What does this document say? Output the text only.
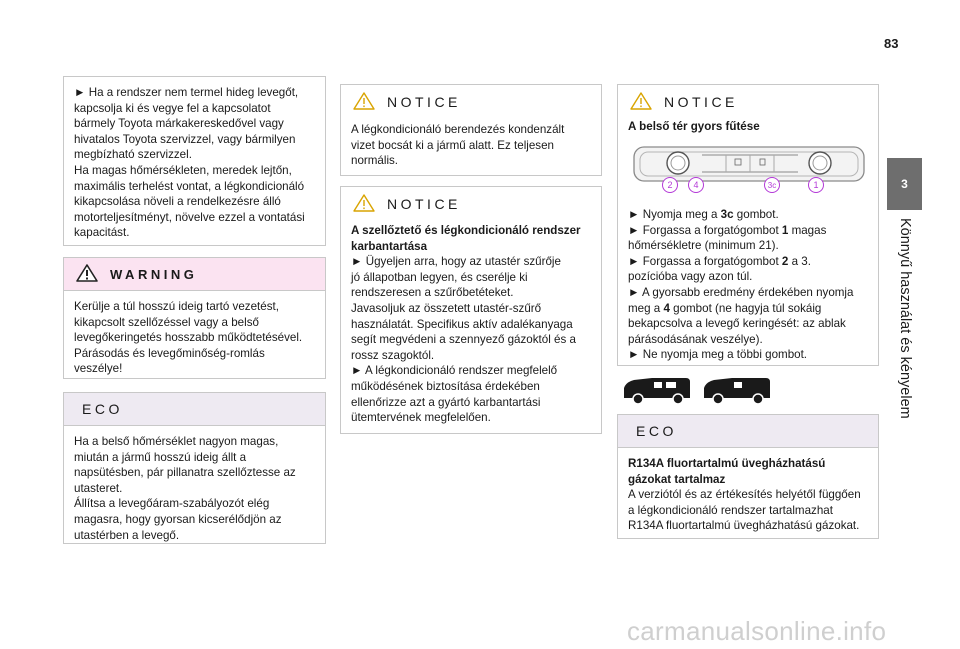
83
► Ha a rendszer nem termel hideg levegőt,
kapcsolja ki és vegye fel a kapcsolatot
bármely Toyota márkakereskedővel vagy
hivatalos Toyota szervizzel, vagy bármilyen
megbízható szervizzel.
Ha magas hőmérsékleten, meredek lejtőn,
maximális terhelést vontat, a légkondicionáló
kikapcsolása növeli a rendelkezésre álló
motorteljesítményt, növelve ezzel a vontatási
kapacitást.
WARNING
Kerülje a túl hosszú ideig tartó vezetést,
kikapcsolt szellőzéssel vagy a belső
levegőkeringetés hosszabb működtetésével.
Párásodás és levegőminőség-romlás
veszélye!
ECO
Ha a belső hőmérséklet nagyon magas,
miután a jármű hosszú ideig állt a
napsütésben, pár pillanatra szellőztesse az
utasteret.
Állítsa a levegőáram-szabályozót elég
magasra, hogy gyorsan kicserélődjön az
utastérben a levegő.
NOTICE
A légkondicionáló berendezés kondenzált
vizet bocsát ki a jármű alatt. Ez teljesen
normális.
NOTICE
A szellőztető és légkondicionáló rendszer
karbantartása
► Ügyeljen arra, hogy az utastér szűrője
jó állapotban legyen, és cserélje ki
rendszeresen a szűrőbetéteket.
Javasoljuk az összetett utastér-szűrő
használatát. Specifikus aktív adalékanyaga
segít megvédeni a szennyező gázoktól és a
rossz szagoktól.
► A légkondicionáló rendszer megfelelő
működésének biztosítása érdekében
ellenőrizze azt a gyártó karbantartási
ütemtervének megfelelően.
NOTICE
A belső tér gyors fűtése
2	4	3c	1
► Nyomja meg a 3c gombot.
► Forgassa a forgatógombot 1 magas
hőmérsékletre (minimum 21).
► Forgassa a forgatógombot 2 a 3.
pozícióba vagy azon túl.
► A gyorsabb eredmény érdekében nyomja
meg a 4 gombot (ne hagyja túl sokáig
bekapcsolva a levegő keringését: az ablak
párásodásának veszélye).
► Ne nyomja meg a többi gombot.
ECO
R134A fluortartalmú üvegházhatású
gázokat tartalmaz
A verziótól és az értékesítés helyétől függően
a légkondicionáló rendszer tartalmazhat
R134A fluortartalmú üvegházhatású gázokat.
3
Könnyű használat és kényelem
carmanualsonline.info
